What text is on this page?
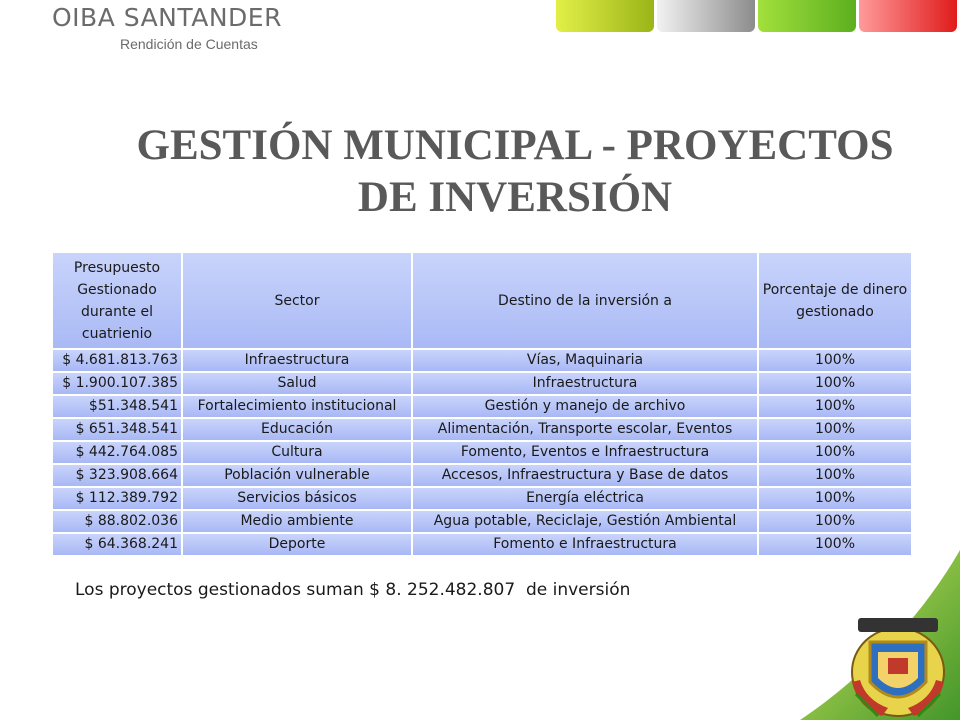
OIBA SANTANDER
Rendición de Cuentas
GESTIÓN MUNICIPAL - PROYECTOS
DE INVERSIÓN
Presupuesto Gestionado durante el cuatrienio	Sector	Destino de la inversión a	Porcentaje de dinero gestionado
$ 4.681.813.763	Infraestructura	Vías, Maquinaria	100%
$ 1.900.107.385	Salud	Infraestructura	100%
$51.348.541	Fortalecimiento institucional	Gestión y manejo de archivo	100%
$ 651.348.541	Educación	Alimentación, Transporte escolar, Eventos	100%
$ 442.764.085	Cultura	Fomento, Eventos e Infraestructura	100%
$ 323.908.664	Población vulnerable	Accesos, Infraestructura y Base de datos	100%
$ 112.389.792	Servicios básicos	Energía eléctrica	100%
$ 88.802.036	Medio ambiente	Agua potable, Reciclaje, Gestión Ambiental	100%
$ 64.368.241	Deporte	Fomento e Infraestructura	100%
Los proyectos gestionados suman $ 8. 252.482.807  de inversión
